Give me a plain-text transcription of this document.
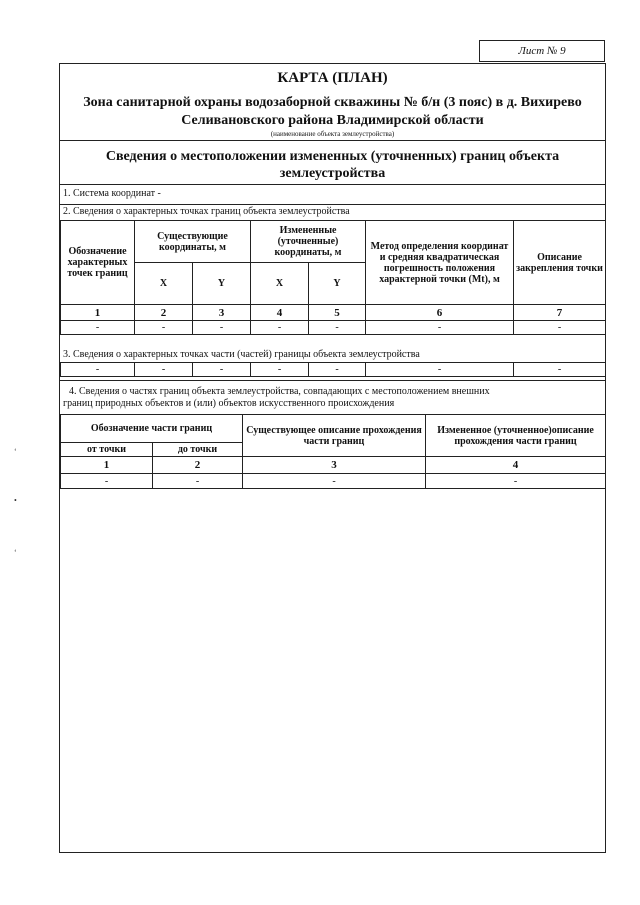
Лист № 9
КАРТА (ПЛАН)
Зона санитарной охраны водозаборной скважины № б/н (3 пояс) в д. Вихирево
Селивановского района Владимирской области
(наименование объекта землеустройства)
Сведения о местоположении измененных (уточненных) границ объекта
землеустройства
1. Система координат -
2. Сведения о характерных точках границ объекта землеустройства
Обозначение характерных точек границ	Существующие координаты, м		Измененные (уточненные) координаты, м		Метод определения координат и средняя квадратическая погрешность положения характерной точки (Mt), м	Описание закрепления точки
	X	Y	X	Y		
1	2	3	4	5	6	7
-	-	-	-	-	-	-
3. Сведения о характерных точках части (частей) границы объекта землеустройства
-	-	-	-	-	-	-
4. Сведения о частях границ объекта землеустройства, совпадающих с местоположением внешних
границ природных объектов и (или) объектов искусственного происхождения
Обозначение части границ		Существующее описание прохождения части границ	Измененное (уточненное)описание прохождения части границ
от точки	до точки		
1	2	3	4
-	-	-	-
‘
•
‘
